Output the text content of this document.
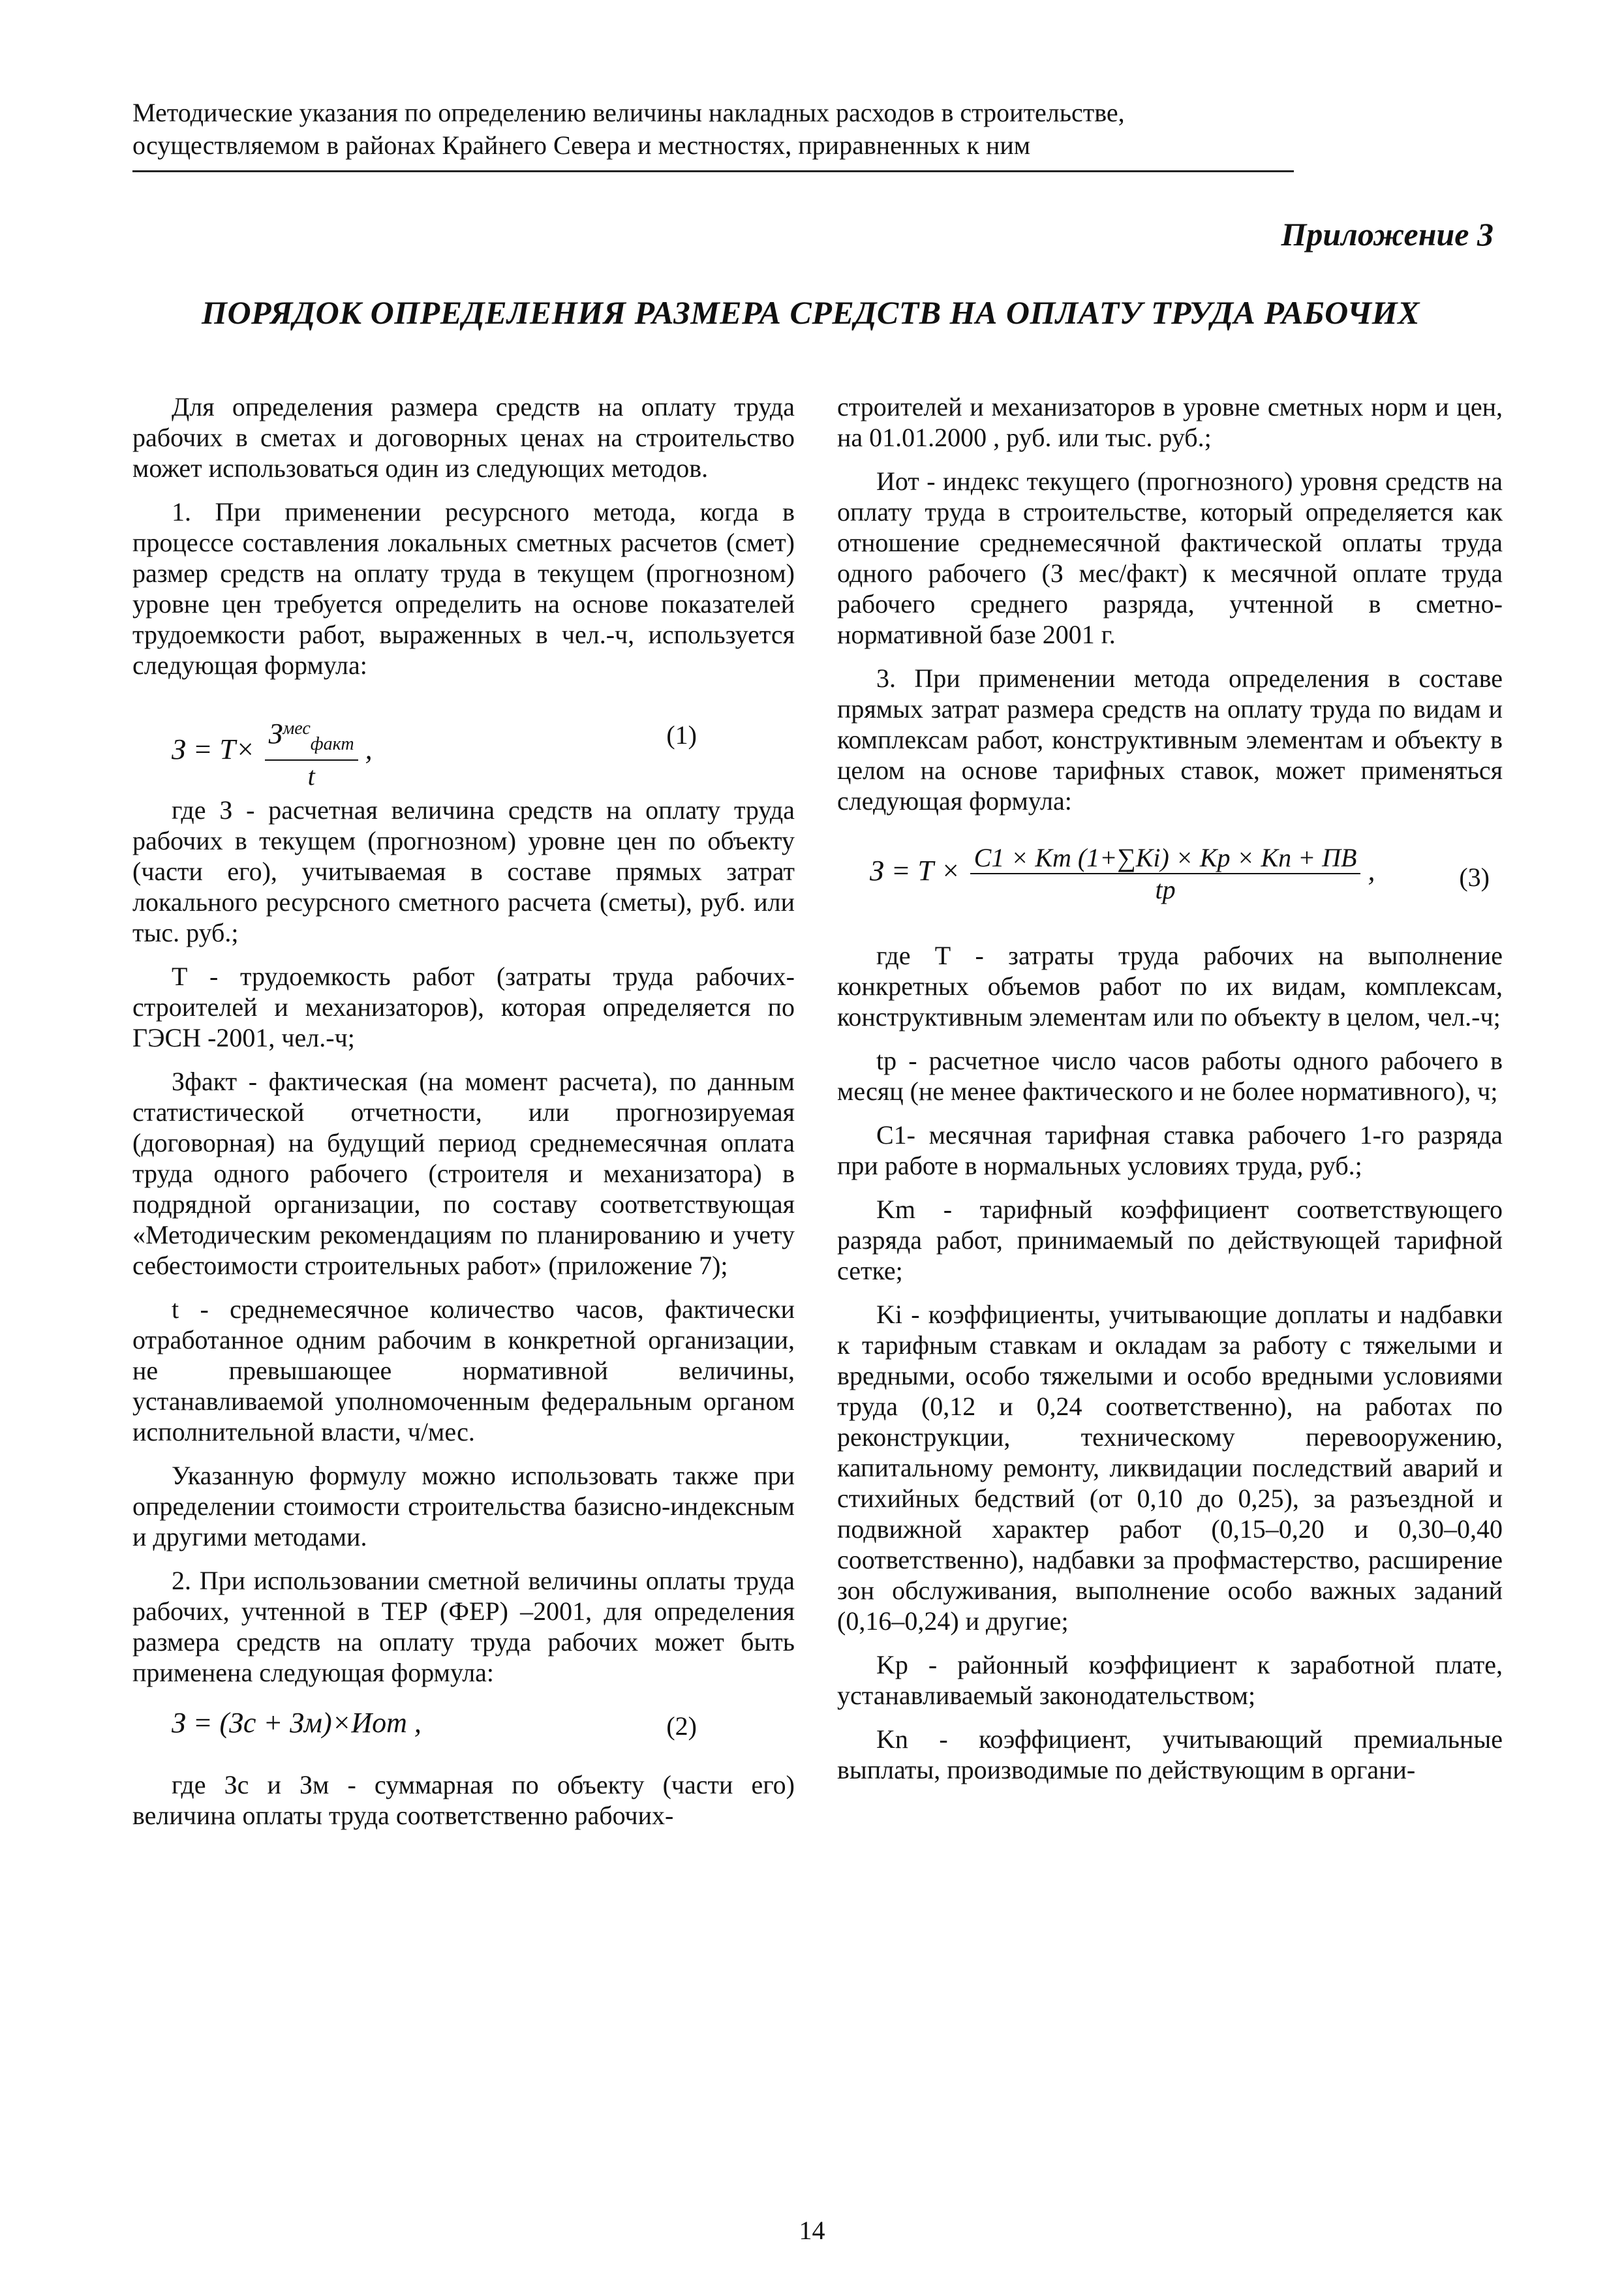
Методические указания по определению величины накладных расходов в строительстве,
осуществляемом в районах Крайнего Севера и местностях, приравненных к ним
Приложение 3
ПОРЯДОК ОПРЕДЕЛЕНИЯ РАЗМЕРА СРЕДСТВ НА ОПЛАТУ ТРУДА РАБОЧИХ

Для определения размера средств на оплату труда рабочих в сметах и договорных ценах на строительство может использоваться один из следующих методов.

1. При применении ресурсного метода, когда в процессе составления локальных сметных расчетов (смет) размер средств на оплату труда в текущем (прогнозном) уровне цен требуется определить на основе показателей трудоемкости работ, выраженных в чел.-ч, используется следующая формула:

$З = Т\times \frac{З^{мес}_{факт}}{t}$ ,	(1)

где З - расчетная величина средств на оплату труда рабочих в текущем (прогнозном) уровне цен по объекту (части его), учитываемая в составе прямых затрат локального ресурсного сметного расчета (сметы), руб. или тыс. руб.;

Т - трудоемкость работ (затраты труда рабочих-строителей и механизаторов), которая определяется по ГЭСН -2001, чел.-ч;

Зфакт - фактическая (на момент расчета), по данным статистической отчетности, или прогнозируемая (договорная) на будущий период среднемесячная оплата труда одного рабочего (строителя и механизатора) в подрядной организации, по составу соответствующая «Методическим рекомендациям по планированию и учету себестоимости строительных работ» (приложение 7);

t - среднемесячное количество часов, фактически отработанное одним рабочим в конкретной организации, не превышающее нормативной величины, устанавливаемой уполномоченным федеральным органом исполнительной власти, ч/мес.

Указанную формулу можно использовать также при определении стоимости строительства базисно-индексным и другими методами.

2. При использовании сметной величины оплаты труда рабочих, учтенной в ТЕР (ФЕР) –2001, для определения размера средств на оплату труда рабочих может быть применена следующая формула:

З = (Зс + Зм)×Иот ,	(2)

где Зс и Зм - суммарная по объекту (части его) величина оплаты труда соответственно рабочих-

строителей и механизаторов в уровне сметных норм и цен, на 01.01.2000 , руб. или тыс. руб.;

Иот - индекс текущего (прогнозного) уровня средств на оплату труда в строительстве, который определяется как отношение среднемесячной фактической оплаты труда одного рабочего (З мес/факт) к месячной оплате труда рабочего среднего разряда, учтенной в сметно-нормативной базе 2001 г.

3. При применении метода определения в составе прямых затрат размера средств на оплату труда по видам и комплексам работ, конструктивным элементам и объекту в целом на основе тарифных ставок, может применяться следующая формула:

$З = Т \times \frac{C1 \times Km (1+\sum Ki) \times Kp \times Kn + ПВ}{tp}$ ,	(3)

где Т - затраты труда рабочих на выполнение конкретных объемов работ по их видам, комплексам, конструктивным элементам или по объекту в целом, чел.-ч;

tp - расчетное число часов работы одного рабочего в месяц (не менее фактического и не более нормативного), ч;

C1- месячная тарифная ставка рабочего 1-го разряда при работе в нормальных условиях труда, руб.;

Km - тарифный коэффициент соответствующего разряда работ, принимаемый по действующей тарифной сетке;

Ki - коэффициенты, учитывающие доплаты и надбавки к тарифным ставкам и окладам за работу с тяжелыми и вредными, особо тяжелыми и особо вредными условиями труда (0,12 и 0,24 соответственно), на работах по реконструкции, техническому перевооружению, капитальному ремонту, ликвидации последствий аварий и стихийных бедствий (от 0,10 до 0,25), за разъездной и подвижной характер работ (0,15–0,20 и 0,30–0,40 соответственно), надбавки за профмастерство, расширение зон обслуживания, выполнение особо важных заданий (0,16–0,24) и другие;

Kp - районный коэффициент к заработной плате, устанавливаемый законодательством;

Kn - коэффициент, учитывающий премиальные выплаты, производимые по действующим в органи-

14
